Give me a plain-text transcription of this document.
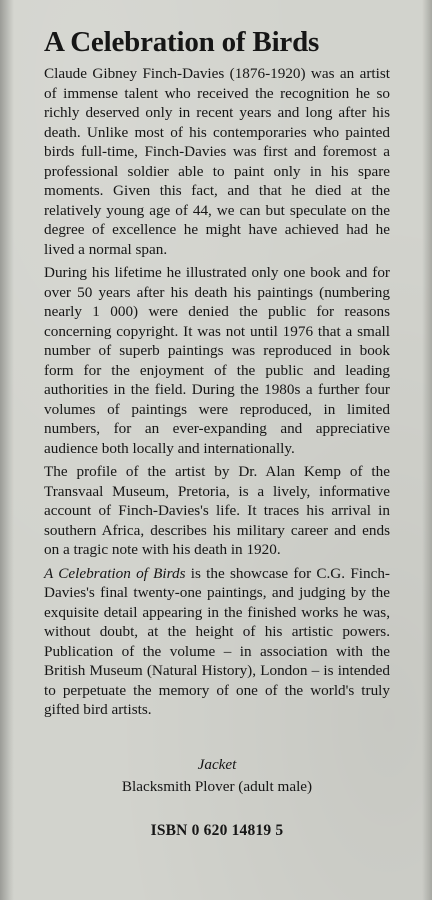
A Celebration of Birds

Claude Gibney Finch-Davies (1876-1920) was an artist of immense talent who received the recognition he so richly deserved only in recent years and long after his death. Unlike most of his contemporaries who painted birds full-time, Finch-Davies was first and foremost a professional soldier able to paint only in his spare moments. Given this fact, and that he died at the relatively young age of 44, we can but speculate on the degree of excellence he might have achieved had he lived a normal span.

During his lifetime he illustrated only one book and for over 50 years after his death his paintings (numbering nearly 1 000) were denied the public for reasons concerning copyright. It was not until 1976 that a small number of superb paintings was reproduced in book form for the enjoyment of the public and leading authorities in the field. During the 1980s a further four volumes of paintings were reproduced, in limited numbers, for an ever-expanding and appreciative audience both locally and internationally.

The profile of the artist by Dr. Alan Kemp of the Transvaal Museum, Pretoria, is a lively, informative account of Finch-Davies's life. It traces his arrival in southern Africa, describes his military career and ends on a tragic note with his death in 1920.

A Celebration of Birds is the showcase for C.G. Finch-Davies's final twenty-one paintings, and judging by the exquisite detail appearing in the finished works he was, without doubt, at the height of his artistic powers. Publication of the volume – in association with the British Museum (Natural History), London – is intended to perpetuate the memory of one of the world's truly gifted bird artists.

Jacket
Blacksmith Plover (adult male)
ISBN 0 620 14819 5
